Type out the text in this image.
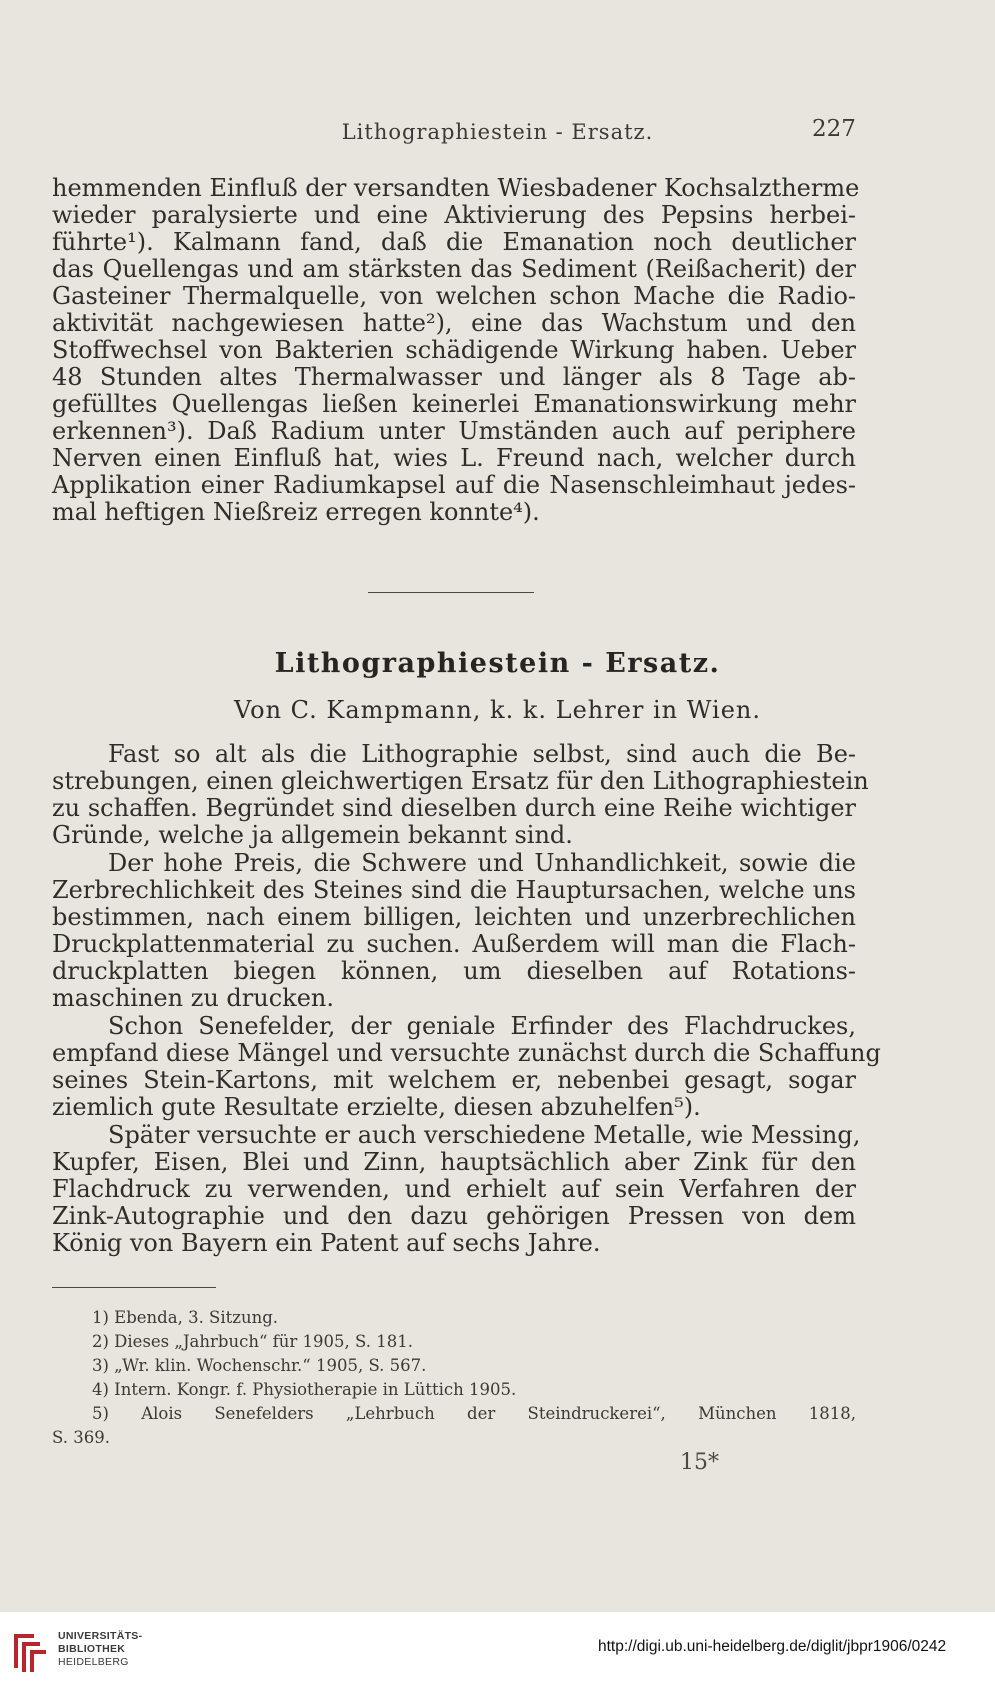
Lithographiestein - Ersatz.	227
hemmenden Einfluß der versandten Wiesbadener Kochsalztherme
wieder paralysierte und eine Aktivierung des Pepsins herbei-
führte¹). Kalmann fand, daß die Emanation noch deutlicher
das Quellengas und am stärksten das Sediment (Reißacherit) der
Gasteiner Thermalquelle, von welchen schon Mache die Radio-
aktivität nachgewiesen hatte²), eine das Wachstum und den
Stoffwechsel von Bakterien schädigende Wirkung haben. Ueber
48 Stunden altes Thermalwasser und länger als 8 Tage ab-
gefülltes Quellengas ließen keinerlei Emanationswirkung mehr
erkennen³). Daß Radium unter Umständen auch auf periphere
Nerven einen Einfluß hat, wies L. Freund nach, welcher durch
Applikation einer Radiumkapsel auf die Nasenschleimhaut jedes-
mal heftigen Nießreiz erregen konnte⁴).
Lithographiestein - Ersatz.
Von C. Kampmann, k. k. Lehrer in Wien.
Fast so alt als die Lithographie selbst, sind auch die Be-
strebungen, einen gleichwertigen Ersatz für den Lithographiestein
zu schaffen. Begründet sind dieselben durch eine Reihe wichtiger
Gründe, welche ja allgemein bekannt sind.
Der hohe Preis, die Schwere und Unhandlichkeit, sowie die
Zerbrechlichkeit des Steines sind die Hauptursachen, welche uns
bestimmen, nach einem billigen, leichten und unzerbrechlichen
Druckplattenmaterial zu suchen. Außerdem will man die Flach-
druckplatten biegen können, um dieselben auf Rotations-
maschinen zu drucken.
Schon Senefelder, der geniale Erfinder des Flachdruckes,
empfand diese Mängel und versuchte zunächst durch die Schaffung
seines Stein-Kartons, mit welchem er, nebenbei gesagt, sogar
ziemlich gute Resultate erzielte, diesen abzuhelfen⁵).
Später versuchte er auch verschiedene Metalle, wie Messing,
Kupfer, Eisen, Blei und Zinn, hauptsächlich aber Zink für den
Flachdruck zu verwenden, und erhielt auf sein Verfahren der
Zink-Autographie und den dazu gehörigen Pressen von dem
König von Bayern ein Patent auf sechs Jahre.
1) Ebenda, 3. Sitzung.
2) Dieses „Jahrbuch“ für 1905, S. 181.
3) „Wr. klin. Wochenschr.“ 1905, S. 567.
4) Intern. Kongr. f. Physiotherapie in Lüttich 1905.
5) Alois Senefelders „Lehrbuch der Steindruckerei“, München 1818,
S. 369.
15*
UNIVERSITÄTS-
BIBLIOTHEK
HEIDELBERG
http://digi.ub.uni-heidelberg.de/diglit/jbpr1906/0242
